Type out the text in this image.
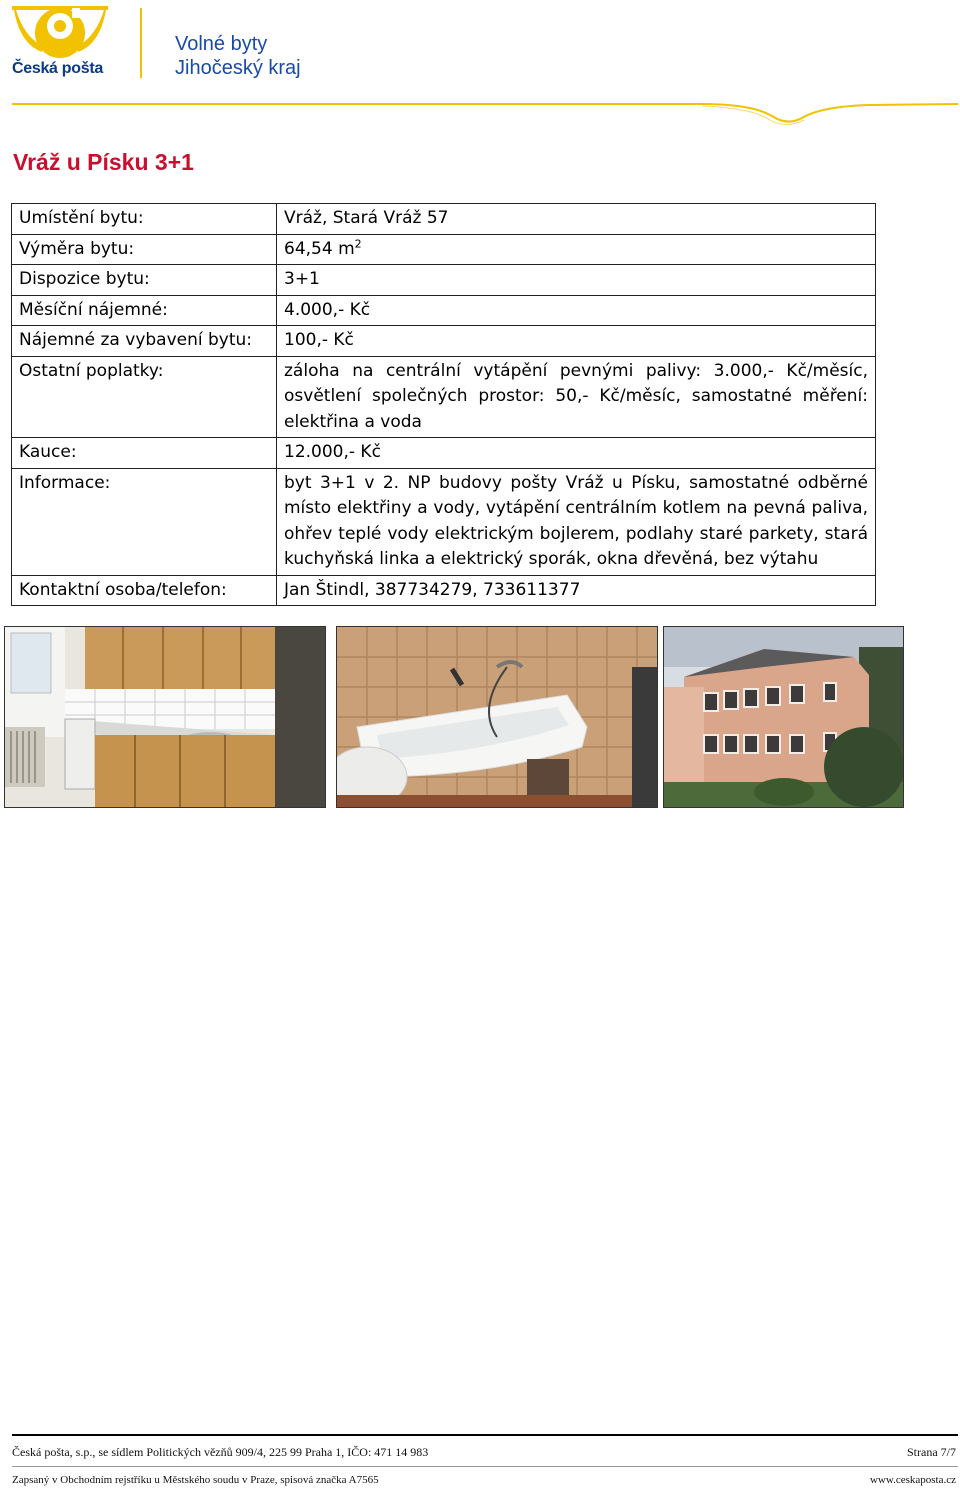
Česká pošta
Volné byty
Jihočeský kraj
Vráž u Písku 3+1
Umístění bytu:	Vráž, Stará Vráž 57
Výměra bytu:	64,54 $m^2$
Dispozice bytu:	3+1
Měsíční nájemné:	4.000,- Kč
Nájemné za vybavení bytu:	100,- Kč
Ostatní poplatky:	záloha na centrální vytápění pevnými palivy: 3.000,- Kč/měsíc, osvětlení společných prostor: 50,- Kč/měsíc, samostatné měření: elektřina a voda
Kauce:	12.000,- Kč
Informace:	byt 3+1 v 2. NP budovy pošty Vráž u Písku, samostatné odběrné místo elektřiny a vody, vytápění centrálním kotlem na pevná paliva, ohřev teplé vody elektrickým bojlerem, podlahy staré parkety, stará kuchyňská linka a elektrický sporák, okna dřevěná, bez výtahu
Kontaktní osoba/telefon:	Jan Štindl, 387734279, 733611377
Česká pošta, s.p., se sídlem Politických vězňů 909/4, 225 99 Praha 1, IČO: 471 14 983	Strana 7/7
Zapsaný v Obchodním rejstříku u Městského soudu v Praze, spisová značka A7565	www.ceskaposta.cz
